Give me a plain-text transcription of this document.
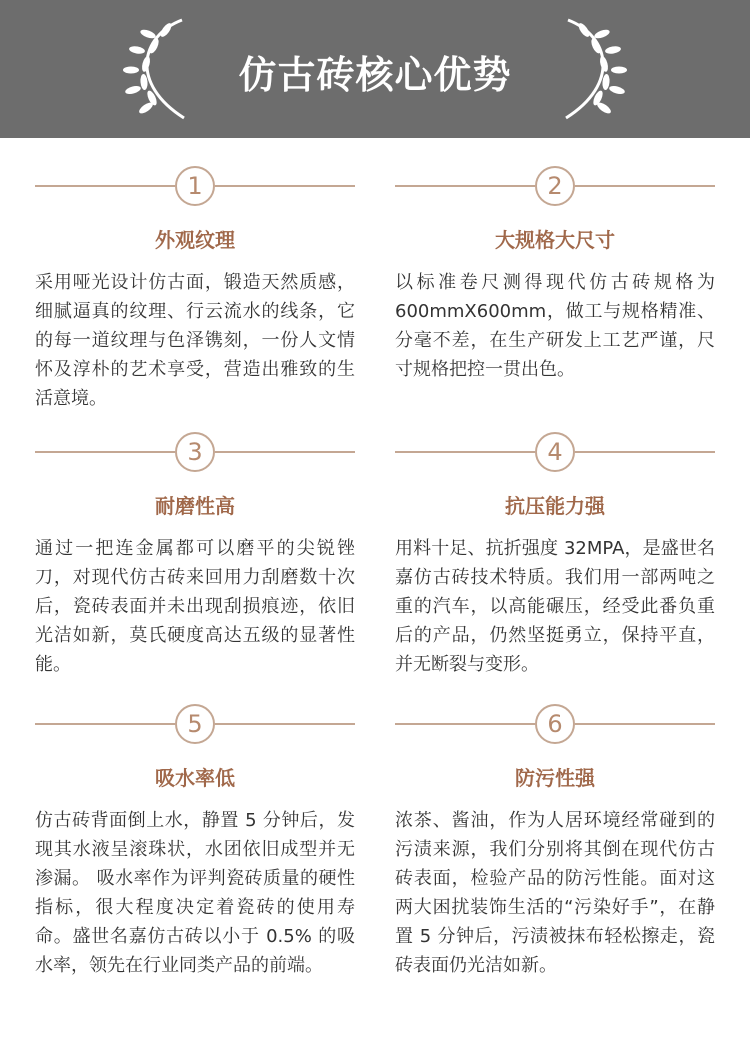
仿古砖核心优势
1
外观纹理
采用哑光设计仿古面，锻造天然质感，细腻逼真的纹理、行云流水的线条，它的每一道纹理与色泽镌刻，一份人文情怀及淳朴的艺术享受，营造出雅致的生活意境。
2
大规格大尺寸
以标准卷尺测得现代仿古砖规格为600mmX600mm，做工与规格精准、分毫不差，在生产研发上工艺严谨，尺寸规格把控一贯出色。
3
耐磨性高
通过一把连金属都可以磨平的尖锐锉刀，对现代仿古砖来回用力刮磨数十次后，瓷砖表面并未出现刮损痕迹，依旧光洁如新，莫氏硬度高达五级的显著性能。
4
抗压能力强
用料十足、抗折强度 32MPA，是盛世名嘉仿古砖技术特质。我们用一部两吨之重的汽车，以高能碾压，经受此番负重后的产品，仍然坚挺勇立，保持平直，并无断裂与变形。
5
吸水率低
仿古砖背面倒上水，静置 5 分钟后，发现其水液呈滚珠状，水团依旧成型并无渗漏。 吸水率作为评判瓷砖质量的硬性指标，很大程度决定着瓷砖的使用寿命。盛世名嘉仿古砖以小于 0.5% 的吸水率，领先在行业同类产品的前端。
6
防污性强
浓茶、酱油，作为人居环境经常碰到的污渍来源，我们分别将其倒在现代仿古砖表面，检验产品的防污性能。面对这两大困扰装饰生活的“污染好手”，在静置 5 分钟后，污渍被抹布轻松擦走，瓷砖表面仍光洁如新。
